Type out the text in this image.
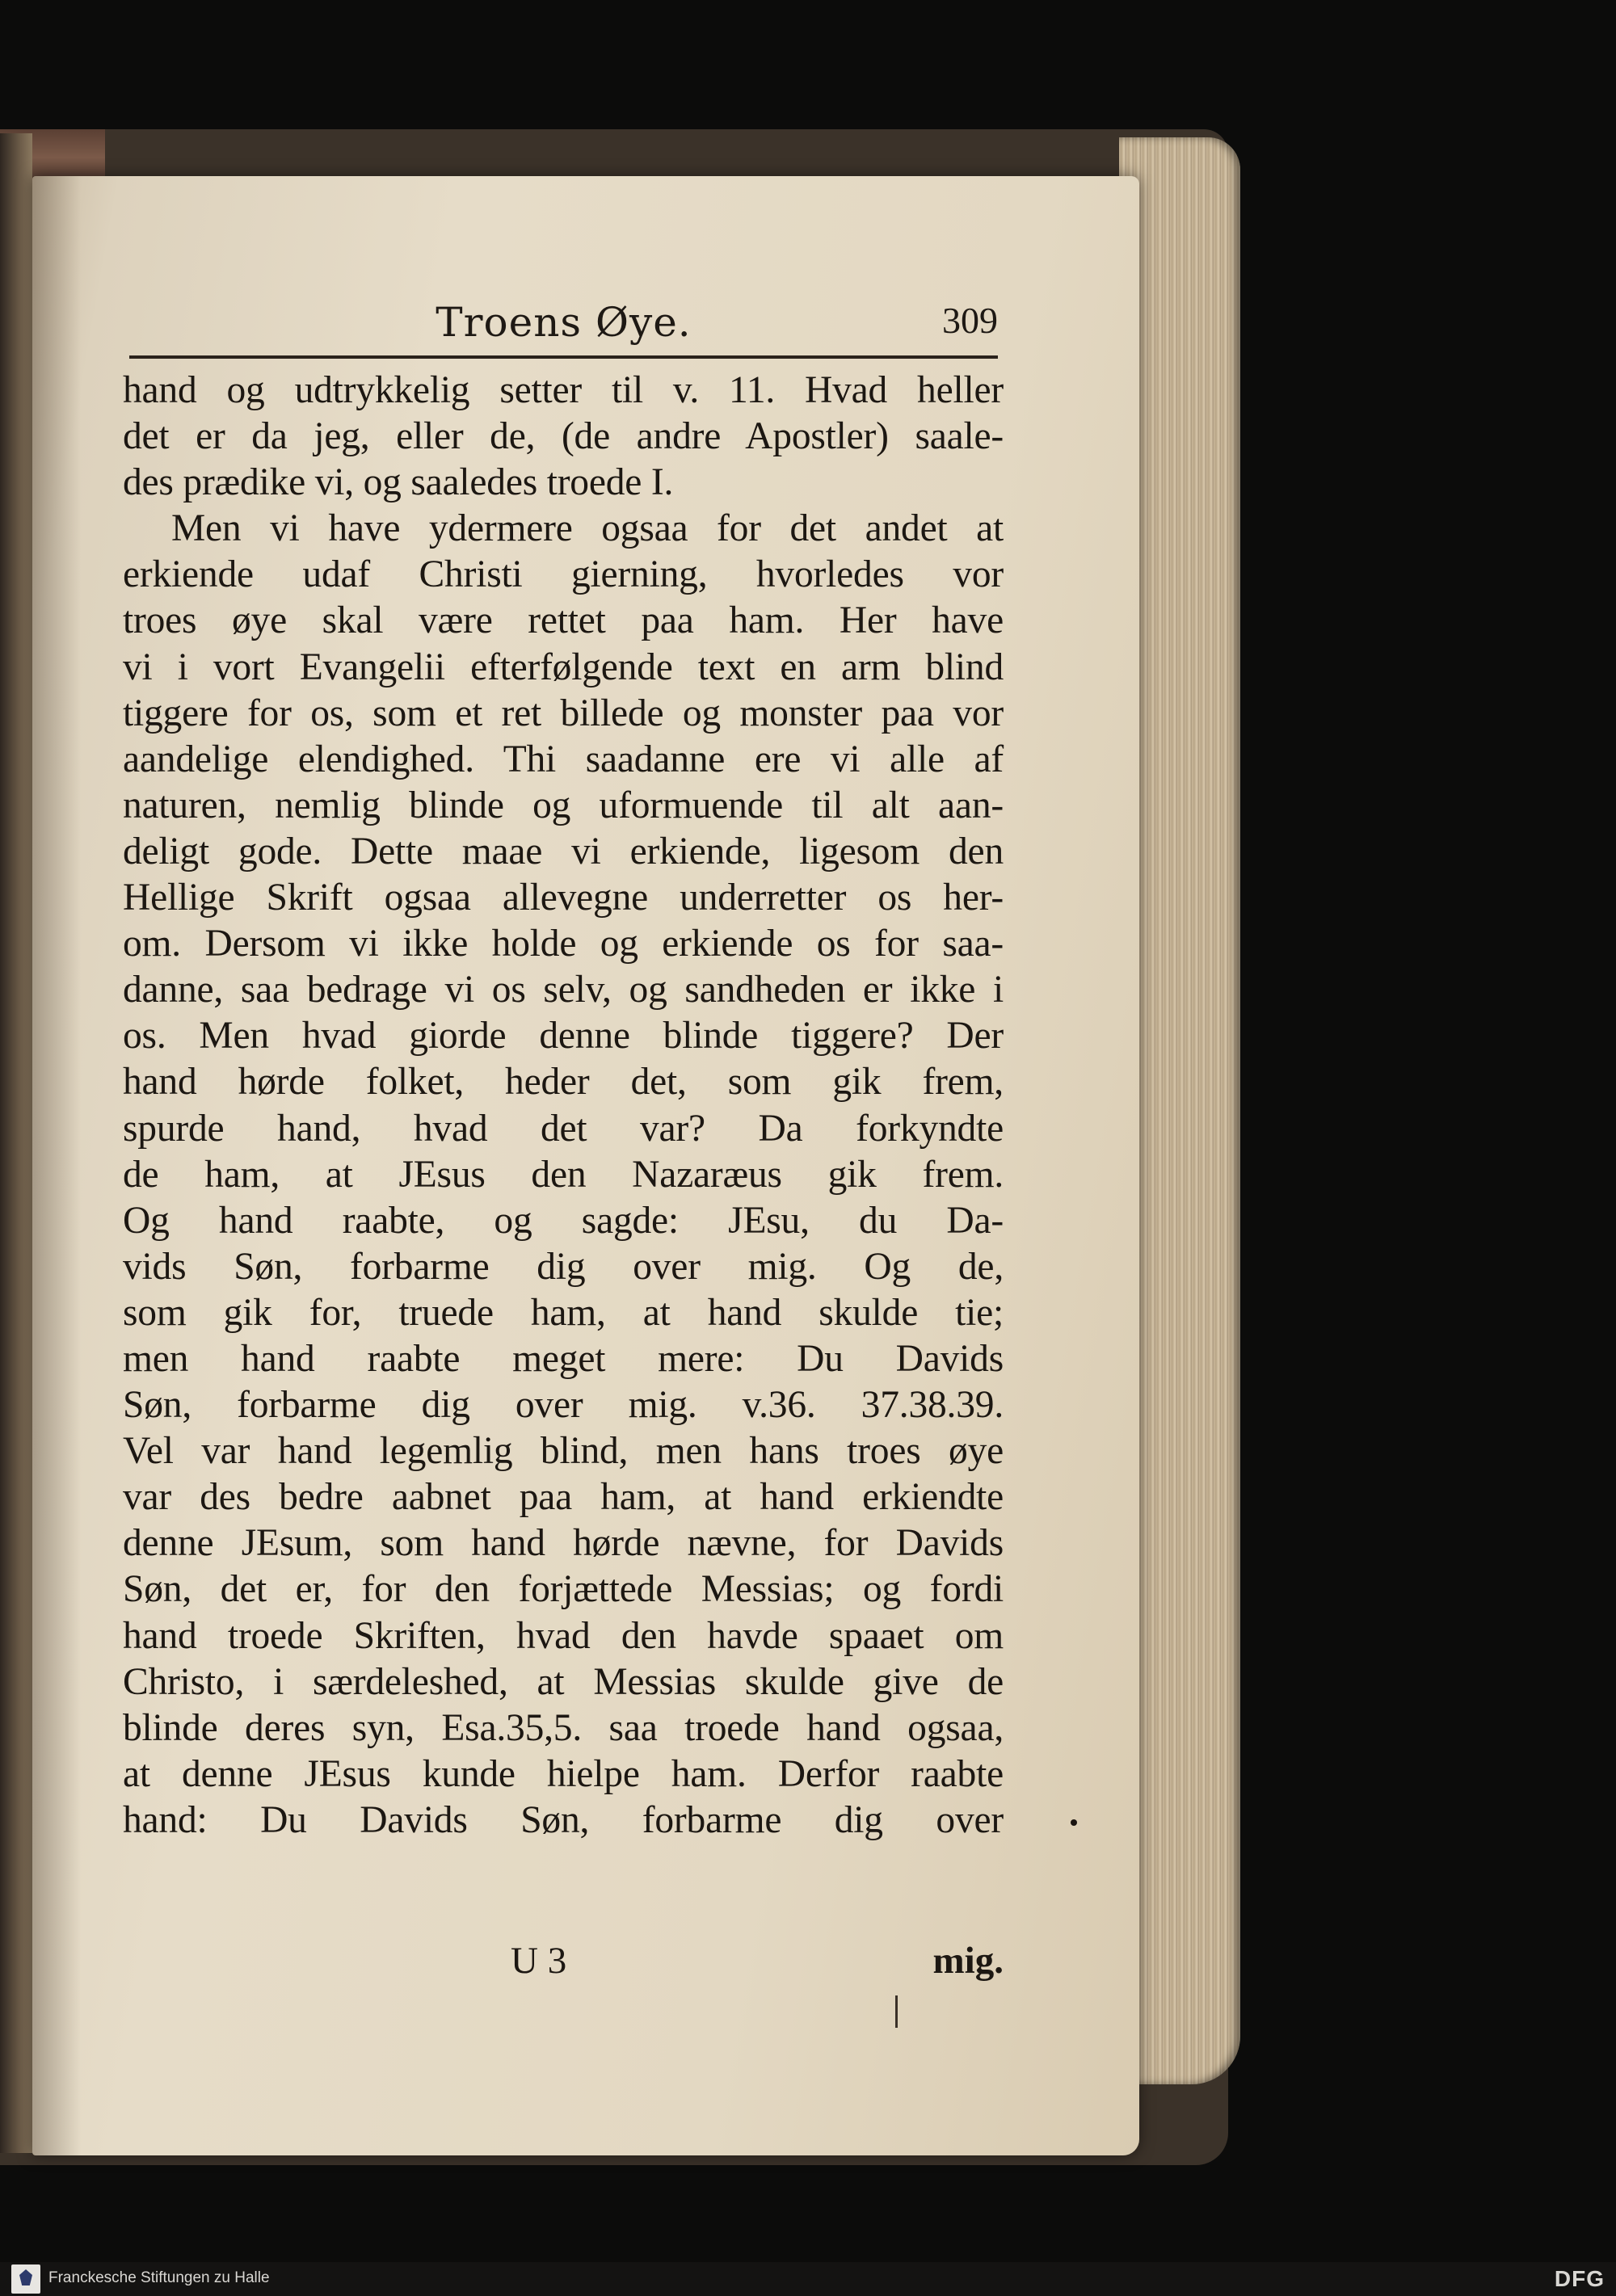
Troens Øye.	309
hand og udtrykkelig setter til v. 11. Hvad heller
det er da jeg, eller de, (de andre Apostler) saale-
des prædike vi, og saaledes troede I.
Men vi have ydermere ogsaa for det andet at
erkiende udaf Christi gierning, hvorledes vor
troes øye skal være rettet paa ham. Her have
vi i vort Evangelii efterfølgende text en arm blind
tiggere for os, som et ret billede og monster paa vor
aandelige elendighed. Thi saadanne ere vi alle af
naturen, nemlig blinde og uformuende til alt aan-
deligt gode. Dette maae vi erkiende, ligesom den
Hellige Skrift ogsaa allevegne underretter os her-
om. Dersom vi ikke holde og erkiende os for saa-
danne, saa bedrage vi os selv, og sandheden er ikke i
os. Men hvad giorde denne blinde tiggere? Der
hand hørde folket, heder det, som gik frem,
spurde hand, hvad det var? Da forkyndte
de ham, at JEsus den Nazaræus gik frem.
Og hand raabte, og sagde: JEsu, du Da-
vids Søn, forbarme dig over mig. Og de,
som gik for, truede ham, at hand skulde tie;
men hand raabte meget mere: Du Davids
Søn, forbarme dig over mig. v.36. 37.38.39.
Vel var hand legemlig blind, men hans troes øye
var des bedre aabnet paa ham, at hand erkiendte
denne JEsum, som hand hørde nævne, for Davids
Søn, det er, for den forjættede Messias; og fordi
hand troede Skriften, hvad den havde spaaet om
Christo, i særdeleshed, at Messias skulde give de
blinde deres syn, Esa.35,5. saa troede hand ogsaa,
at denne JEsus kunde hielpe ham. Derfor raabte
hand: Du Davids Søn, forbarme dig over
U 3	mig.
Franckesche Stiftungen zu Halle	DFG
